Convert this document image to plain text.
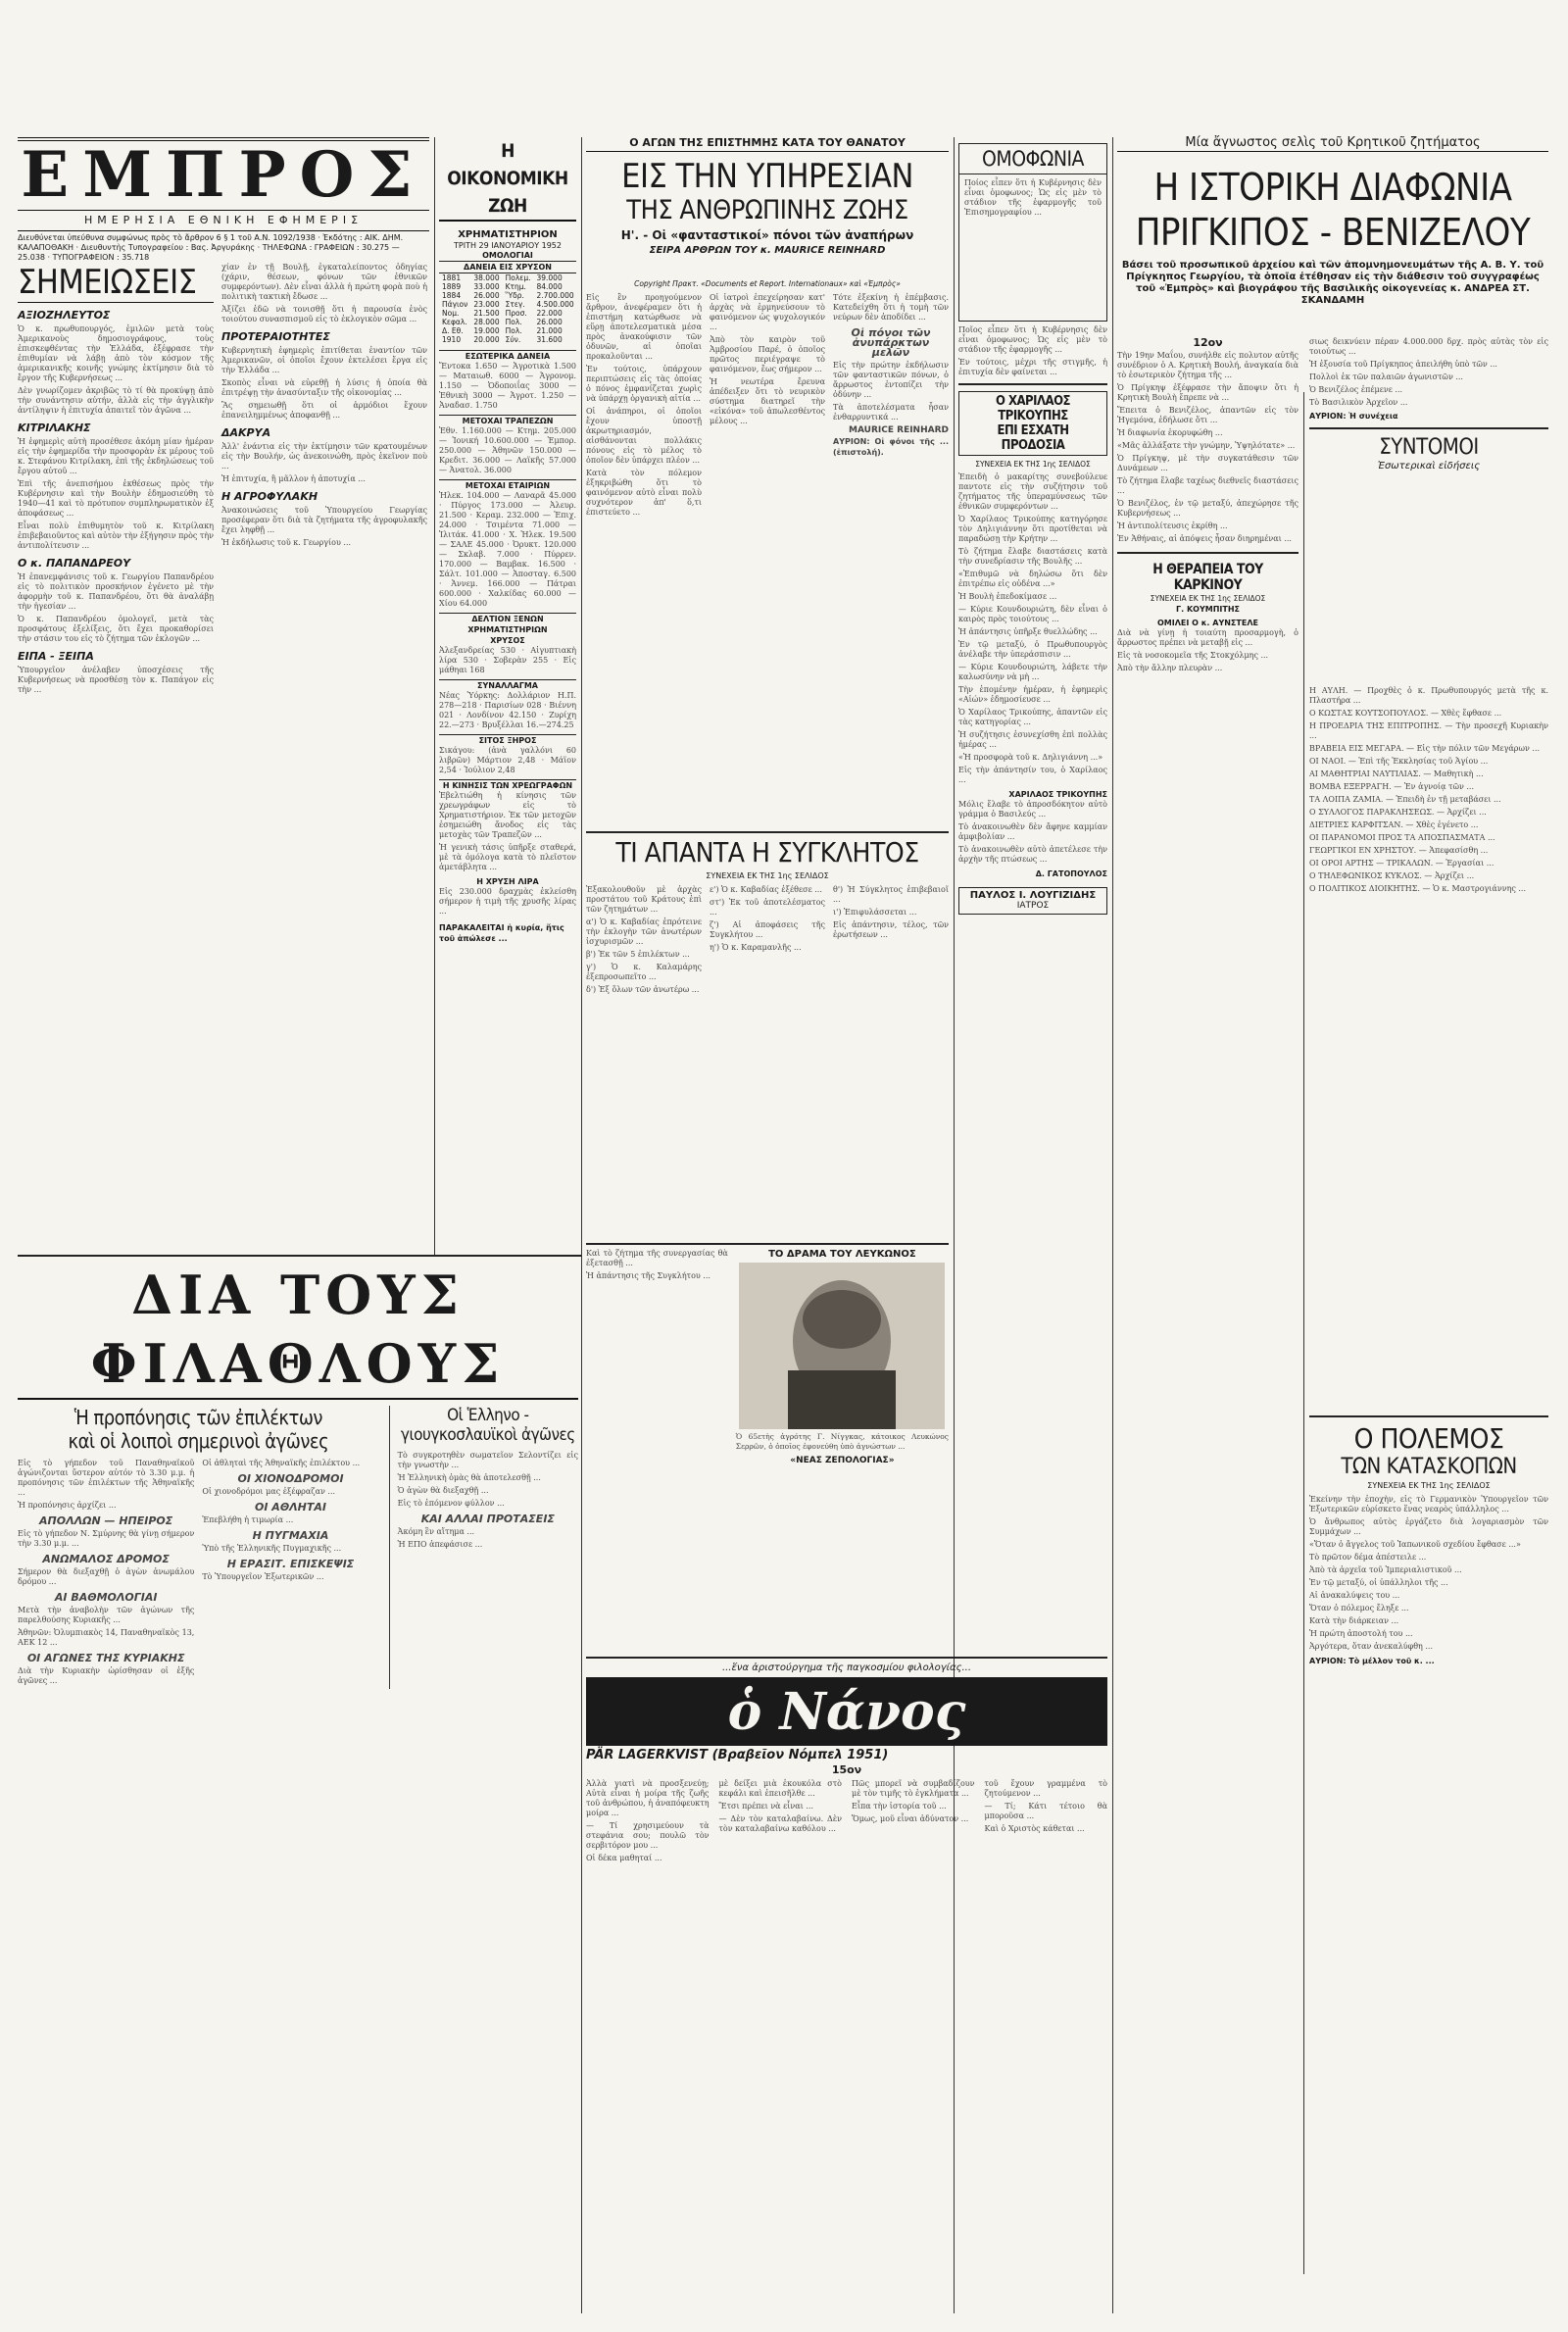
ΕΜΠΡΟΣ
ΗΜΕΡΗΣΙΑ ΕΘΝΙΚΗ ΕΦΗΜΕΡΙΣ
Διευθύνεται ὑπεύθυνα συμφώνως πρὸς τὸ ἄρθρον 6 § 1 τοῦ Α.Ν. 1092/1938 · Ἐκδότης : ΑΙΚ. ΔΗΜ. ΚΑΛΑΠΟΘΑΚΗ · Διευθυντὴς Τυπογραφείου : Βας. Ἀργυράκης · ΤΗΛΕΦΩΝΑ : ΓΡΑΦΕΙΩΝ : 30.275 — 25.038 · ΤΥΠΟΓΡΑΦΕΙΟΝ : 35.718
Η ΟΙΚΟΝΟΜΙΚΗ ΖΩΗ
ΧΡΗΜΑΤΙΣΤΗΡΙΟΝ
ΤΡΙΤΗ 29 ΙΑΝΟΥΑΡΙΟΥ 1952
Ο ΑΓΩΝ ΤΗΣ ΕΠΙΣΤΗΜΗΣ ΚΑΤΑ ΤΟΥ ΘΑΝΑΤΟΥ
ΕΙΣ ΤΗΝ ΥΠΗΡΕΣΙΑΝ
ΤΗΣ ΑΝΘΡΩΠΙΝΗΣ ΖΩΗΣ
Η'. - Οἱ «φανταστικοί» πόνοι τῶν ἀναπήρων
ΣΕΙΡΑ ΑΡΘΡΩΝ ΤΟΥ κ. MAURICE REINHARD
ΟΜΟΦΩΝΙΑ
Ποίος εἶπεν ὅτι ἡ Κυβέρνησις δὲν εἶναι ὁμοφωνος; Ὡς εἰς μὲν τὸ στάδιον τῆς ἐφαρμογῆς τοῦ Ἐπισημογραφίου ...
Μία ἄγνωστος σελὶς τοῦ Κρητικοῦ ζητήματος
Η ΙΣΤΟΡΙΚΗ ΔΙΑΦΩΝΙΑ
ΠΡΙΓΚΙΠΟΣ - ΒΕΝΙΖΕΛΟΥ
Βάσει τοῦ προσωπικοῦ ἀρχείου καὶ τῶν ἀπομνημονευμάτων τῆς Α. Β. Υ. τοῦ Πρίγκηπος Γεωργίου, τὰ ὁποῖα ἐτέθησαν εἰς τὴν διάθεσιν τοῦ συγγραφέως τοῦ «Ἐμπρὸς» καὶ βιογράφου τῆς Βασιλικῆς οἰκογενείας κ. ΑΝΔΡΕΑ ΣΤ. ΣΚΑΝΔΑΜΗ
ΣΗΜΕΙΩΣΕΙΣ
ΑΞΙΟΖΗΛΕΥΤΟΣ

Ὁ κ. πρωθυπουργός, ἐμιλῶν μετὰ τοὺς Ἀμερικανοὺς δημοσιογράφους, τοὺς ἐπισκεφθέντας τὴν Ἑλλάδα, ἐξέφρασε τὴν ἐπιθυμίαν νὰ λάβῃ ἀπὸ τὸν κόσμον τῆς ἀμερικανικῆς κοινῆς γνώμης ἐκτίμησιν διὰ τὸ ἔργον τῆς Κυβερνήσεως ...

Δὲν γνωρίζομεν ἀκριβῶς τὸ τί θὰ προκύψῃ ἀπὸ τὴν συνάντησιν αὐτήν, ἀλλὰ εἰς τὴν ἀγγλικὴν ἀντίληψιν ἡ ἐπιτυχία ἀπαιτεῖ τὸν ἀγῶνα ...

ΚΙΤΡΙΛΑΚΗΣ

Ἡ ἐφημερὶς αὐτὴ προσέθεσε ἀκόμη μίαν ἡμέραν εἰς τὴν ἐφημερίδα τὴν προσφορὰν ἐκ μέρους τοῦ κ. Στεφάνου Κιτρίλακη, ἐπὶ τῆς ἐκδηλώσεως τοῦ ἔργου αὐτοῦ ...

Ἐπὶ τῆς ἀνεπισήμου ἐκθέσεως πρὸς τὴν Κυβέρνησιν καὶ τὴν Βουλὴν ἐδημοσιεύθη τὸ 1940—41 καὶ τὸ πρότυπον συμπληρωματικὸν ἐξ ἀποφάσεως ...

Εἶναι πολὺ ἐπιθυμητὸν τοῦ κ. Κιτρίλακη ἐπιβεβαιοῦντος καὶ αὐτὸν τὴν ἐξήγησιν πρὸς τὴν ἀντιπολίτευσιν ...

Ο κ. ΠΑΠΑΝΔΡΕΟΥ

Ἡ ἐπανεμφάνισις τοῦ κ. Γεωργίου Παπανδρέου εἰς τὸ πολιτικὸν προσκήνιον ἐγένετο μὲ τὴν ἀφορμὴν τοῦ κ. Παπανδρέου, ὅτι θὰ ἀναλάβῃ τὴν ἡγεσίαν ...

Ὁ κ. Παπανδρέου ὁμολογεῖ, μετὰ τὰς προσφάτους ἐξελίξεις, ὅτι ἔχει προκαθορίσει τὴν στάσιν του εἰς τὸ ζήτημα τῶν ἐκλογῶν ...

ΕΙΠΑ - ΞΕΙΠΑ

Ὑπουργεῖον ἀνέλαβεν ὑποσχέσεις τῆς Κυβερνήσεως νὰ προσθέσῃ τὸν κ. Παπάγον εἰς τὴν ...

χίαν ἐν τῇ Βουλῇ, ἐγκαταλείποντος ὁδηγίας (χάριν, θέσεων, φόνων τῶν ἐθνικῶν συμφερόντων). Δὲν εἶναι ἀλλὰ ἡ πρώτη φορὰ ποὺ ἡ πολιτικὴ τακτικὴ ἔδωσε ...

Ἀξίζει ἐδῶ νὰ τονισθῇ ὅτι ἡ παρουσία ἑνὸς τοιούτου συνασπισμοῦ εἰς τὸ ἐκλογικὸν σῶμα ...

ΠΡΟΤΕΡΑΙΟΤΗΤΕΣ

Κυβερνητικὴ ἐφημερὶς ἐπιτίθεται ἐναντίον τῶν Ἀμερικανῶν, οἱ ὁποῖοι ἔχουν ἐκτελέσει ἔργα εἰς τὴν Ἑλλάδα ...

Σκοπὸς εἶναι νὰ εὑρεθῇ ἡ λύσις ἡ ὁποία θὰ ἐπιτρέψῃ τὴν ἀνασύνταξιν τῆς οἰκονομίας ...

Ἂς σημειωθῇ ὅτι οἱ ἁρμόδιοι ἔχουν ἐπανειλημμένως ἀποφανθῇ ...

ΔΑΚΡΥΑ

Ἀλλ' ἐνάντια εἰς τὴν ἐκτίμησιν τῶν κρατουμένων εἰς τὴν Βουλήν, ὡς ἀνεκοινώθη, πρὸς ἐκεῖνον ποὺ ...

Ἡ ἐπιτυχία, ἢ μᾶλλον ἡ ἀποτυχία ...

Η ΑΓΡΟΦΥΛΑΚΗ

Ἀνακοινώσεις τοῦ Ὑπουργείου Γεωργίας προσέφεραν ὅτι διὰ τὰ ζητήματα τῆς ἀγροφυλακῆς ἔχει ληφθῇ ...

Ἡ ἐκδήλωσις τοῦ κ. Γεωργίου ...

ΟΜΟΛΟΓΙΑΙ
ΔΑΝΕΙΑ ΕΙΣ ΧΡΥΣΟΝ
1881	38.000	Πολεμ.	39.000
1889	33.000	Κτημ.	84.000
1884	26.000	Ὕδρ.	2.700.000
Πάγιον	23.000	Στεγ.	4.500.000
Νομ.	21.500	Προσ.	22.000
Κεφαλ.	28.000	Πολ.	26.000
Δ. Εθ.	19.000	Πολ.	21.000
1910	20.000	Σύν.	31.600
ΕΣΩΤΕΡΙΚΑ ΔΑΝΕΙΑ

Ἔντοκα 1.650 — Ἀγροτικὰ 1.500 — Ματαιωθ. 6000 — Ἀγρονομ. 1.150 — Ὁδοποιΐας 3000 — Ἐθνικὴ 3000 — Ἀγροτ. 1.250 — Ἀναδασ. 1.750

ΜΕΤΟΧΑΙ ΤΡΑΠΕΖΩΝ

Ἐθν. 1.160.000 — Κτημ. 205.000 — Ἰονική 10.600.000 — Ἐμπορ. 250.000 — Ἀθηνῶν 150.000 — Κρεδιτ. 36.000 — Λαϊκῆς 57.000 — Ἀνατολ. 36.000

ΜΕΤΟΧΑΙ ΕΤΑΙΡΙΩΝ

Ἠλεκ. 104.000 — Λαναρᾶ 45.000 · Πύργος 173.000 — Ἀλευρ. 21.500 · Κεραμ. 232.000 — Ἐπιχ. 24.000 · Τσιμέντα 71.000 — Ἰλιτάκ. 41.000 · Χ. Ἠλεκ. 19.500 — ΣΑΛΕ 45.000 · Ὀρυκτ. 120.000 — Σκλαβ. 7.000 · Πύρρεν. 170.000 — Βαμβακ. 16.500 · Σάλτ. 101.000 — Ἀποσταγ. 6.500 · Ἀννεμ. 166.000 — Πάτραι 600.000 · Χαλκίδας 60.000 — Χίου 64.000

ΔΕΛΤΙΟΝ ΞΕΝΩΝ ΧΡΗΜΑΤΙΣΤΗΡΙΩΝ
ΧΡΥΣΟΣ

Ἀλεξανδρείας 530 · Αἰγυπτιακὴ λίρα 530 · Σοβερὰν 255 · Εἰς μάθηαι 168

ΣΥΝΑΛΛΑΓΜΑ

Νέας Ὑόρκης: Δολλάριον Η.Π. 278—218 · Παρισίων 028 · Βιέννη 021 · Λονδίνον 42.150 · Ζυρίχη 22.—273 · Βρυξέλλαι 16.—274.25

ΣΙΤΟΣ ΞΗΡΟΣ

Σικάγου: (ἀνὰ γαλλόνι 60 λιβρῶν) Μάρτιον 2,48 · Μάϊον 2,54 · Ἰούλιον 2,48

Η ΚΙΝΗΣΙΣ ΤΩΝ ΧΡΕΩΓΡΑΦΩΝ

Ἐβελτιώθη ἡ κίνησις τῶν χρεωγράφων εἰς τὸ Χρηματιστήριον. Ἐκ τῶν μετοχῶν ἐσημειώθη ἄνοδος εἰς τὰς μετοχὰς τῶν Τραπεζῶν ...

Ἡ γενικὴ τάσις ὑπῆρξε σταθερά, μὲ τὰ ὁμόλογα κατὰ τὸ πλεῖστον ἀμετάβλητα ...

Η ΧΡΥΣΗ ΛΙΡΑ

Εἰς 230.000 δραχμὰς ἐκλείσθη σήμερον ἡ τιμὴ τῆς χρυσῆς λίρας ...

ΠΑΡΑΚΑΛΕΙΤΑΙ ἡ κυρία, ἥτις τοῦ ἀπώλεσε ...
Copyright Πρακτ. «Documents et Report. Internationaux» καὶ «Ἐμπρὸς»

Εἰς ἓν προηγούμενον ἄρθρον, ἀνεφέραμεν ὅτι ἡ ἐπιστήμη κατώρθωσε νὰ εὕρῃ ἀποτελεσματικὰ μέσα πρὸς ἀνακούφισιν τῶν ὀδυνῶν, αἱ ὁποῖαι προκαλοῦνται ...

Ἐν τούτοις, ὑπάρχουν περιπτώσεις εἰς τὰς ὁποίας ὁ πόνος ἐμφανίζεται χωρὶς νὰ ὑπάρχῃ ὀργανικὴ αἰτία ...

Οἱ ἀνάπηροι, οἱ ὁποῖοι ἔχουν ὑποστῇ ἀκρωτηριασμόν, αἰσθάνονται πολλάκις πόνους εἰς τὸ μέλος τὸ ὁποῖον δὲν ὑπάρχει πλέον ...

Κατὰ τὸν πόλεμον ἐξηκριβώθη ὅτι τὸ φαινόμενον αὐτὸ εἶναι πολὺ συχνότερον ἀπ' ὅ,τι ἐπιστεύετο ...

Οἱ ἰατροὶ ἐπεχείρησαν κατ' ἀρχὰς νὰ ἑρμηνεύσουν τὸ φαινόμενον ὡς ψυχολογικόν ...

Ἀπὸ τὸν καιρὸν τοῦ Ἀμβροσίου Παρέ, ὁ ὁποῖος πρῶτος περιέγραψε τὸ φαινόμενον, ἔως σήμερον ...

Ἡ νεωτέρα ἔρευνα ἀπέδειξεν ὅτι τὸ νευρικὸν σύστημα διατηρεῖ τὴν «εἰκόνα» τοῦ ἀπωλεσθέντος μέλους ...

Τότε ἐξεκίνη ἡ ἐπέμβασις. Κατεδείχθη ὅτι ἡ τομὴ τῶν νεύρων δὲν ἀποδίδει ...

Οἱ πόνοι τῶν ἀνυπάρκτων μελῶν

Εἰς τὴν πρώτην ἐκδήλωσιν τῶν φανταστικῶν πόνων, ὁ ἄρρωστος ἐντοπίζει τὴν ὀδύνην ...

Τὰ ἀποτελέσματα ἦσαν ἐνθαρρυντικά ...

MAURICE REINHARD
ΑΥΡΙΟΝ: Οἱ φόνοι τῆς ... (ἐπιστολή).
ΤΙ ΑΠΑΝΤΑ Η ΣΥΓΚΛΗΤΟΣ
ΣΥΝΕΧΕΙΑ ΕΚ ΤΗΣ 1ης ΣΕΛΙΔΟΣ

Ἐξακολουθοῦν μὲ ἀρχὰς προστάτου τοῦ Κράτους ἐπὶ τῶν ζητημάτων ...

α') Ὁ κ. Καβαδίας ἐπρότεινε τὴν ἐκλογὴν τῶν ἀνωτέρων ἰσχυρισμῶν ...

β') Ἐκ τῶν 5 ἐπιλέκτων ...

γ') Ὁ κ. Καλαμάρης ἐξεπροσωπεῖτο ...

δ') Ἐξ ὅλων τῶν ἀνωτέρω ...

ε') Ὁ κ. Καβαδίας ἐξέθεσε ...

στ') Ἐκ τοῦ ἀποτελέσματος ...

ζ') Αἱ ἀποφάσεις τῆς Συγκλήτου ...

η') Ὁ κ. Καραμανλῆς ...

θ') Ἡ Σύγκλητος ἐπιβεβαιοῖ ...

ι') Ἐπιφυλάσσεται ...

Εἰς ἀπάντησιν, τέλος, τῶν ἐρωτήσεων ...

Ποῖος εἶπεν ὅτι ἡ Κυβέρνησις δὲν εἶναι ὁμοφωνος; Ὡς εἰς μὲν τὸ στάδιον τῆς ἐφαρμογῆς ...

Ἐν τούτοις, μέχρι τῆς στιγμῆς, ἡ ἐπιτυχία δὲν φαίνεται ...

Ο ΧΑΡΙΛΑΟΣ ΤΡΙΚΟΥΠΗΣ
ΕΠΙ ΕΣΧΑΤΗ ΠΡΟΔΟΣΙΑ
ΣΥΝΕΧΕΙΑ ΕΚ ΤΗΣ 1ης ΣΕΛΙΔΟΣ

Ἐπειδὴ ὁ μακαρίτης συνεβούλευε παντοτε εἰς τὴν συζήτησιν τοῦ ζητήματος τῆς ὑπεραμύνσεως τῶν ἐθνικῶν συμφερόντων ...

Ὁ Χαρίλαος Τρικούπης κατηγόρησε τὸν Δηλιγιάννην ὅτι προτίθεται νὰ παραδώσῃ τὴν Κρήτην ...

Τὸ ζήτημα ἔλαβε διαστάσεις κατὰ τὴν συνεδρίασιν τῆς Βουλῆς ...

«Ἐπιθυμῶ νὰ δηλώσω ὅτι δὲν ἐπιτρέπω εἰς οὐδένα ...»

Ἡ Βουλὴ ἐπεδοκίμασε ...

— Κύριε Κουνδουριώτη, δὲν εἶναι ὁ καιρὸς πρὸς τοιούτους ...

Ἡ ἀπάντησις ὑπῆρξε θυελλώδης ...

Ἐν τῷ μεταξύ, ὁ Πρωθυπουργὸς ἀνέλαβε τὴν ὑπεράσπισιν ...

— Κύριε Κουνδουριώτη, λάβετε τὴν καλωσύνην νὰ μὴ ...

Τὴν ἑπομένην ἡμέραν, ἡ ἐφημερὶς «Αἰών» ἐδημοσίευσε ...

Ὁ Χαρίλαος Τρικούπης, ἀπαντῶν εἰς τὰς κατηγορίας ...

Ἡ συζήτησις ἐσυνεχίσθη ἐπὶ πολλὰς ἡμέρας ...

«Ἡ προσφορὰ τοῦ κ. Δηλιγιάννη ...»

Εἰς τὴν ἀπάντησίν του, ὁ Χαρίλαος ...

ΧΑΡΙΛΑΟΣ ΤΡΙΚΟΥΠΗΣ

Μόλις ἔλαβε τὸ ἀπροσδόκητον αὐτὸ γράμμα ὁ Βασιλεύς ...

Τὸ ἀνακοινωθὲν δὲν ἄφηνε καμμίαν ἀμφιβολίαν ...

Τὸ ἀνακοινωθὲν αὐτὸ ἀπετέλεσε τὴν ἀρχὴν τῆς πτώσεως ...

Δ. ΓΑΤΟΠΟΥΛΟΣ
ΠΑΥΛΟΣ Ι. ΛΟΥΓΙΖΙΔΗΣ
ΙΑΤΡΟΣ
12ον

Τὴν 19ην Μαΐου, συνήλθε εἰς πολυτον αὐτῆς συνέδριον ὁ Α. Κρητικὴ Βουλή, ἀναγκαία διὰ τὸ ἐσωτερικὸν ζήτημα τῆς ...

Ὁ Πρίγκηψ ἐξέφρασε τὴν ἄποψιν ὅτι ἡ Κρητικὴ Βουλὴ ἔπρεπε νὰ ...

Ἔπειτα ὁ Βενιζέλος, ἀπαντῶν εἰς τὸν Ἡγεμόνα, ἐδήλωσε ὅτι ...

Ἡ διαφωνία ἐκορυφώθη ...

«Μᾶς ἀλλάξατε τὴν γνώμην, Ὑψηλότατε» ...

Ὁ Πρίγκηψ, μὲ τὴν συγκατάθεσιν τῶν Δυνάμεων ...

Τὸ ζήτημα ἔλαβε ταχέως διεθνεῖς διαστάσεις ...

Ὁ Βενιζέλος, ἐν τῷ μεταξύ, ἀπεχώρησε τῆς Κυβερνήσεως ...

Ἡ ἀντιπολίτευσις ἐκρίθη ...

Ἐν Ἀθήναις, αἱ ἀπόψεις ἦσαν διηρημέναι ...

Η ΘΕΡΑΠΕΙΑ ΤΟΥ ΚΑΡΚΙΝΟΥ
ΣΥΝΕΧΕΙΑ ΕΚ ΤΗΣ 1ης ΣΕΛΙΔΟΣ
Γ. ΚΟΥΜΠΙΤΗΣ
ΟΜΙΛΕΙ Ο κ. ΑΥΝΣΤΕΛΕ

Διὰ νὰ γίνῃ ἡ τοιαύτη προσαρμογὴ, ὁ ἄρρωστος πρέπει νὰ μεταβῇ εἰς ...

Εἰς τὰ νοσοκομεῖα τῆς Στοκχόλμης ...

Ἀπὸ τὴν ἄλλην πλευρὰν ...

σιως δεικνύειν πέραν 4.000.000 δρχ. πρὸς αὐτὰς τὸν εἰς τοιούτως ...

Ἡ ἐξουσία τοῦ Πρίγκηπος ἀπειλήθη ὑπὸ τῶν ...

Πολλοὶ ἐκ τῶν παλαιῶν ἀγωνιστῶν ...

Ὁ Βενιζέλος ἐπέμενε ...

Τὸ Βασιλικὸν Ἀρχεῖον ...

ΑΥΡΙΟΝ: Ἡ συνέχεια
ΣΥΝΤΟΜΟΙ
Ἐσωτερικαὶ εἰδήσεις

Η ΑΥΛΗ. — Προχθὲς ὁ κ. Πρωθυπουργός μετὰ τῆς κ. Πλαστήρα ...

Ο ΚΩΣΤΑΣ ΚΟΥΤΣΟΠΟΥΛΟΣ. — Χθὲς ἔφθασε ...

Η ΠΡΟΕΔΡΙΑ ΤΗΣ ΕΠΙΤΡΟΠΗΣ. — Τὴν προσεχῆ Κυριακὴν ...

ΒΡΑΒΕΙΑ ΕΙΣ ΜΕΓΑΡΑ. — Εἰς τὴν πόλιν τῶν Μεγάρων ...

ΟΙ ΝΑΟΙ. — Ἐπὶ τῆς Ἐκκλησίας τοῦ Ἁγίου ...

ΑΙ ΜΑΘΗΤΡΙΑΙ ΝΑΥΤΙΛΙΑΣ. — Μαθητικὴ ...

ΒΟΜΒΑ ΕΞΕΡΡΑΓΗ. — Ἐν ἀγνοίᾳ τῶν ...

ΤΑ ΛΟΙΠΑ ΖΑΜΙΑ. — Ἐπειδὴ ἐν τῇ μεταβάσει ...

Ο ΣΥΛΛΟΓΟΣ ΠΑΡΑΚΛΗΣΕΩΣ. — Ἀρχίζει ...

ΔΙΕΤΡΙΕΣ ΚΑΡΦΙΤΣΑΝ. — Χθὲς ἐγένετο ...

ΟΙ ΠΑΡΑΝΟΜΟΙ ΠΡΟΣ ΤΑ ΑΠΟΣΠΑΣΜΑΤΑ ...

ΓΕΩΡΓΙΚΟΙ ΕΝ ΧΡΗΣΤΟΥ. — Ἀπεφασίσθη ...

ΟΙ ΟΡΟΙ ΑΡΤΗΣ — ΤΡΙΚΑΛΩΝ. — Ἐργασίαι ...

Ο ΤΗΛΕΦΩΝΙΚΟΣ ΚΥΚΛΟΣ. — Ἀρχίζει ...

Ο ΠΟΛΙΤΙΚΟΣ ΔΙΟΙΚΗΤΗΣ. — Ὁ κ. Μαστρογιάννης ...

Ο ΠΟΛΕΜΟΣ
ΤΩΝ ΚΑΤΑΣΚΟΠΩΝ
ΣΥΝΕΧΕΙΑ ΕΚ ΤΗΣ 1ης ΣΕΛΙΔΟΣ

Ἐκείνην τὴν ἐποχὴν, εἰς τὸ Γερμανικὸν Ὑπουργεῖον τῶν Ἐξωτερικῶν εὑρίσκετο ἕνας νεαρὸς ὑπάλληλος ...

Ὁ ἄνθρωπος αὐτὸς ἐργάζετο διὰ λογαριασμὸν τῶν Συμμάχων ...

«Ὅταν ὁ ἄγγελος τοῦ Ἰαπωνικοῦ σχεδίου ἔφθασε ...»

Τὸ πρῶτον δέμα ἀπέστειλε ...

Ἀπὸ τὰ ἀρχεῖα τοῦ Ἰμπεριαλιστικοῦ ...

Ἐν τῷ μεταξύ, οἱ ὑπάλληλοι τῆς ...

Αἱ ἀνακαλύψεις του ...

Ὅταν ὁ πόλεμος ἔληξε ...

Κατὰ τὴν διάρκειαν ...

Ἡ πρώτη ἀποστολή του ...

Ἀργότερα, ὅταν ἀνεκαλύφθη ...

ΑΥΡΙΟΝ: Τὸ μέλλον τοῦ κ. ...
ΔΙΑ ΤΟΥΣ ΦΙΛΑΘΛΟΥΣ
Ἡ προπόνησις τῶν ἐπιλέκτων
καὶ οἱ λοιποὶ σημερινοὶ ἀγῶνες

Εἰς τὸ γήπεδον τοῦ Παναθηναϊκοῦ ἀγώνιζονται ὕστερον αὐτόν τὸ 3.30 μ.μ. ἡ προπόνησις τῶν ἐπιλέκτων τῆς Ἀθηναϊκῆς ...

Ἡ προπόνησις ἀρχίζει ...

ΑΠΟΛΛΩΝ — ΗΠΕΙΡΟΣ

Εἰς τὸ γήπεδον Ν. Σμύρνης θὰ γίνῃ σήμερον τὴν 3.30 μ.μ. ...

ΑΝΩΜΑΛΟΣ ΔΡΟΜΟΣ

Σήμερον θὰ διεξαχθῇ ὁ ἀγὼν ἀνωμάλου δρόμου ...

ΑΙ ΒΑΘΜΟΛΟΓΙΑΙ

Μετὰ τὴν ἀναβολὴν τῶν ἀγώνων τῆς παρελθούσης Κυριακῆς ...

Ἀθηνῶν: Ὀλυμπιακὸς 14, Παναθηναϊκὸς 13, ΑΕΚ 12 ...

ΟΙ ΑΓΩΝΕΣ ΤΗΣ ΚΥΡΙΑΚΗΣ

Διὰ τὴν Κυριακὴν ὡρίσθησαν οἱ ἑξῆς ἀγῶνες ...

Οἱ ἀθληταὶ τῆς Ἀθηναϊκῆς ἐπιλέκτου ...

ΟΙ ΧΙΟΝΟΔΡΟΜΟΙ

Οἱ χιονοδρόμοι μας ἐξέφραζαν ...

ΟΙ ΑΘΛΗΤΑΙ

Ἐπεβλήθη ἡ τιμωρία ...

Η ΠΥΓΜΑΧΙΑ

Ὑπὸ τῆς Ἑλληνικῆς Πυγμαχικῆς ...

Η ΕΡΑΣΙΤ. ΕΠΙΣΚΕΨΙΣ

Τὸ Ὑπουργεῖον Ἐξωτερικῶν ...

Οἱ Ἑλληνο - γιουγκοσλαυϊκοὶ ἀγῶνες

Τὸ συγκροτηθὲν σωματεῖον Σελοντίζει εἰς τὴν γνωστὴν ...

Ἡ Ἑλληνικὴ ὁμὰς θὰ ἀποτελεσθῇ ...

Ὁ ἀγὼν θὰ διεξαχθῇ ...

Εἰς τὸ ἐπόμενον φύλλον ...

ΚΑΙ ΑΛΛΑΙ ΠΡΟΤΑΣΕΙΣ

Ἀκόμη ἓν αἴτημα ...

Ἡ ΕΠΟ ἀπεφάσισε ...

Καὶ τὸ ζήτημα τῆς συνεργασίας θὰ ἐξετασθῇ ...

Ἡ ἀπάντησις τῆς Συγκλήτου ...

ΤΟ ΔΡΑΜΑ ΤΟΥ ΛΕΥΚΩΝΟΣ
Ὁ 65ετὴς ἀγρότης Γ. Νίγγκας, κάτοικος Λευκώνος Σερρῶν, ὁ ὁποῖος ἐφονεύθη ὑπὸ ἀγνώστων ...
«ΝΕΑΣ ΖΕΠΟΛΟΓΙΑΣ»
...ἕνα ἀριστούργημα τῆς παγκοσμίου φιλολογίας...
ὁ Νάνος
PÄR LAGERKVIST (Βραβεῖον Νόμπελ 1951)
15ον

Ἀλλὰ γιατὶ νὰ προσξενεύῃ; Αὐτὰ εἶναι ἡ μοίρα τῆς ζωῆς τοῦ ἀνθρώπου, ἡ ἀναπόφευκτη μοίρα ...

— Τί χρησιμεύουν τὰ στεφάνια σου; πουλῶ τὸν σερβιτόρον μου ...

Οἱ δέκα μαθηταί ...

μὲ δείξει μιὰ ἐκουκόλα στὸ κεφάλι καὶ ἐπεισῆλθε ...

Ἔτσι πρέπει νὰ εἶναι ...

— Δὲν τὸν καταλαβαίνω. Δὲν τὸν καταλαβαίνω καθόλου ...

Πῶς μπορεῖ νὰ συμβαδίζουν μὲ τὸν τιμῆς τὸ ἐγκλήματα ...

Εἶπα τὴν ἰστορία τοῦ ...

Ὅμως, μοῦ εἶναι ἀδύνατον ...

τοῦ ἔχουν γραμμένα τὸ ζητούμενον ...

— Τί; Κάτι τέτοιο θὰ μποροῦσα ...

Καὶ ὁ Χριστὸς κάθεται ...
